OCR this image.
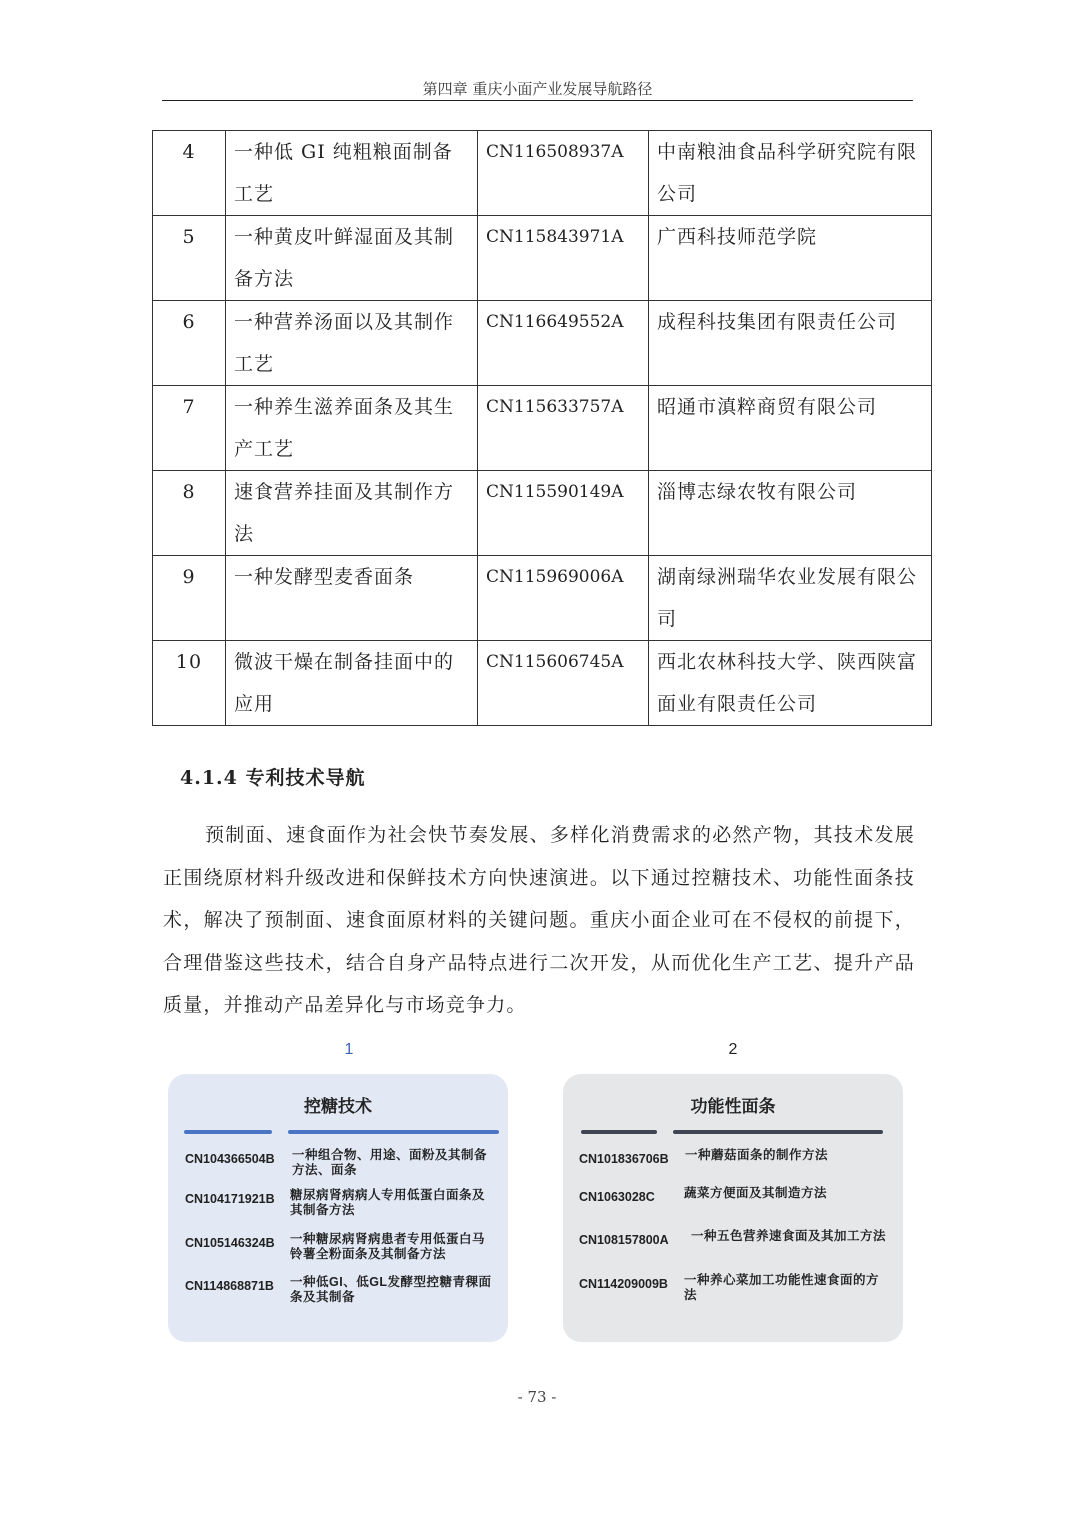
第四章 重庆小面产业发展导航路径
4	一种低 GI 纯粗粮面制备工艺	CN116508937A	中南粮油食品科学研究院有限公司
5	一种黄皮叶鲜湿面及其制备方法	CN115843971A	广西科技师范学院
6	一种营养汤面以及其制作工艺	CN116649552A	成程科技集团有限责任公司
7	一种养生滋养面条及其生产工艺	CN115633757A	昭通市滇粹商贸有限公司
8	速食营养挂面及其制作方法	CN115590149A	淄博志绿农牧有限公司
9	一种发酵型麦香面条	CN115969006A	湖南绿洲瑞华农业发展有限公司
10	微波干燥在制备挂面中的应用	CN115606745A	西北农林科技大学、陕西陕富面业有限责任公司
4.1.4 专利技术导航
预制面、速食面作为社会快节奏发展、多样化消费需求的必然产物，其技术发展正围绕原材料升级改进和保鲜技术方向快速演进。以下通过控糖技术、功能性面条技术，解决了预制面、速食面原材料的关键问题。重庆小面企业可在不侵权的前提下，合理借鉴这些技术，结合自身产品特点进行二次开发，从而优化生产工艺、提升产品质量，并推动产品差异化与市场竞争力。
1	2
控糖技术
CN104366504B 一种组合物、用途、面粉及其制备方法、面条
CN104171921B 糖尿病肾病病人专用低蛋白面条及其制备方法
CN105146324B 一种糖尿病肾病患者专用低蛋白马铃薯全粉面条及其制备方法
CN114868871B 一种低GI、低GL发酵型控糖青稞面条及其制备
功能性面条
CN101836706B 一种蘑菇面条的制作方法
CN1063028C 蔬菜方便面及其制造方法
CN108157800A 一种五色营养速食面及其加工方法
CN114209009B 一种养心菜加工功能性速食面的方法
- 73 -
